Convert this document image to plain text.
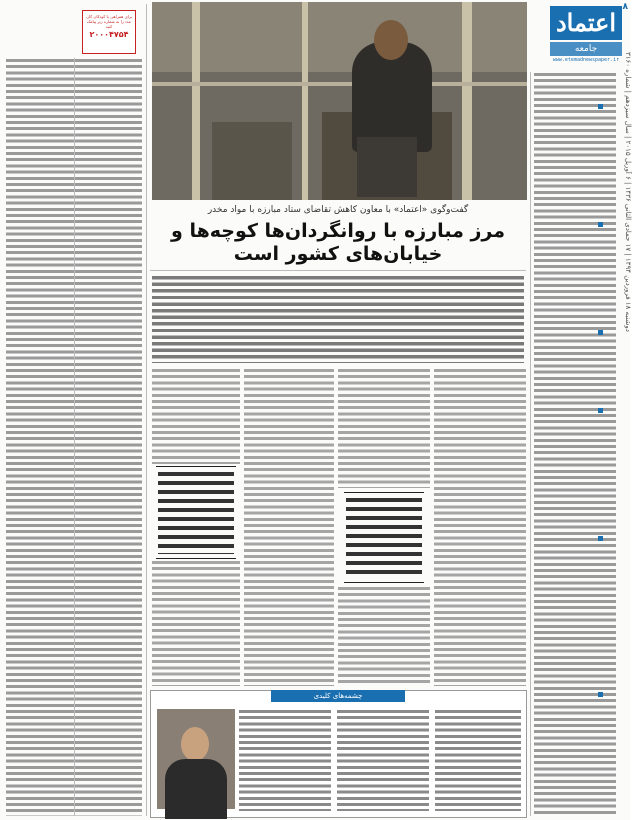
اعتماد
جامعه
www.etemadnewspaper.ir دوشنبه ۱۸ فروردین ۱۳۹۴ | ۱۷ جمادی الثانی ۱۴۳۶ | ۶ آوریل ۲۰۱۵ | سال سیزدهم | شماره ۳۱۶۰
۸
برای همراهی با کودکان کار، عدد را به شماره زیر پیامک کنید
۲۰۰۰۴۷۵۴
گفت‌وگوی «اعتماد» با معاون کاهش تقاضای ستاد مبارزه با مواد مخدر
مرز مبارزه با روانگردان‌ها کوچه‌ها و خیابان‌های کشور است
چشمه‌های کلیدی
